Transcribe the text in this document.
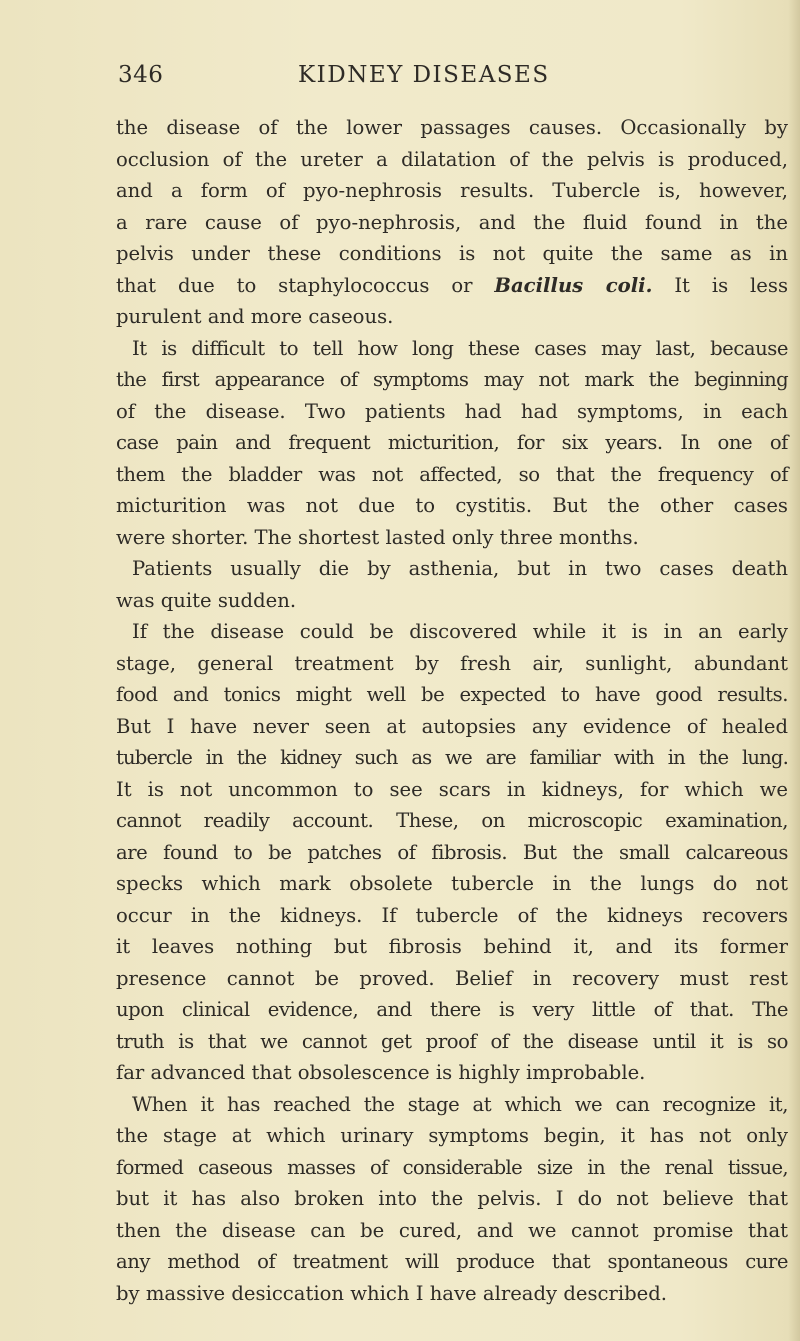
346	KIDNEY DISEASES
the disease of the lower passages causes. Occasionally by
occlusion of the ureter a dilatation of the pelvis is produced,
and a form of pyo-nephrosis results. Tubercle is, however,
a rare cause of pyo-nephrosis, and the fluid found in the
pelvis under these conditions is not quite the same as in
that due to staphylococcus or Bacillus coli. It is less
purulent and more caseous.
It is difficult to tell how long these cases may last, because
the first appearance of symptoms may not mark the beginning
of the disease. Two patients had had symptoms, in each
case pain and frequent micturition, for six years. In one of
them the bladder was not affected, so that the frequency of
micturition was not due to cystitis. But the other cases
were shorter. The shortest lasted only three months.
Patients usually die by asthenia, but in two cases death
was quite sudden.
If the disease could be discovered while it is in an early
stage, general treatment by fresh air, sunlight, abundant
food and tonics might well be expected to have good results.
But I have never seen at autopsies any evidence of healed
tubercle in the kidney such as we are familiar with in the lung.
It is not uncommon to see scars in kidneys, for which we
cannot readily account. These, on microscopic examination,
are found to be patches of fibrosis. But the small calcareous
specks which mark obsolete tubercle in the lungs do not
occur in the kidneys. If tubercle of the kidneys recovers
it leaves nothing but fibrosis behind it, and its former
presence cannot be proved. Belief in recovery must rest
upon clinical evidence, and there is very little of that. The
truth is that we cannot get proof of the disease until it is so
far advanced that obsolescence is highly improbable.
When it has reached the stage at which we can recognize it,
the stage at which urinary symptoms begin, it has not only
formed caseous masses of considerable size in the renal tissue,
but it has also broken into the pelvis. I do not believe that
then the disease can be cured, and we cannot promise that
any method of treatment will produce that spontaneous cure
by massive desiccation which I have already described.
